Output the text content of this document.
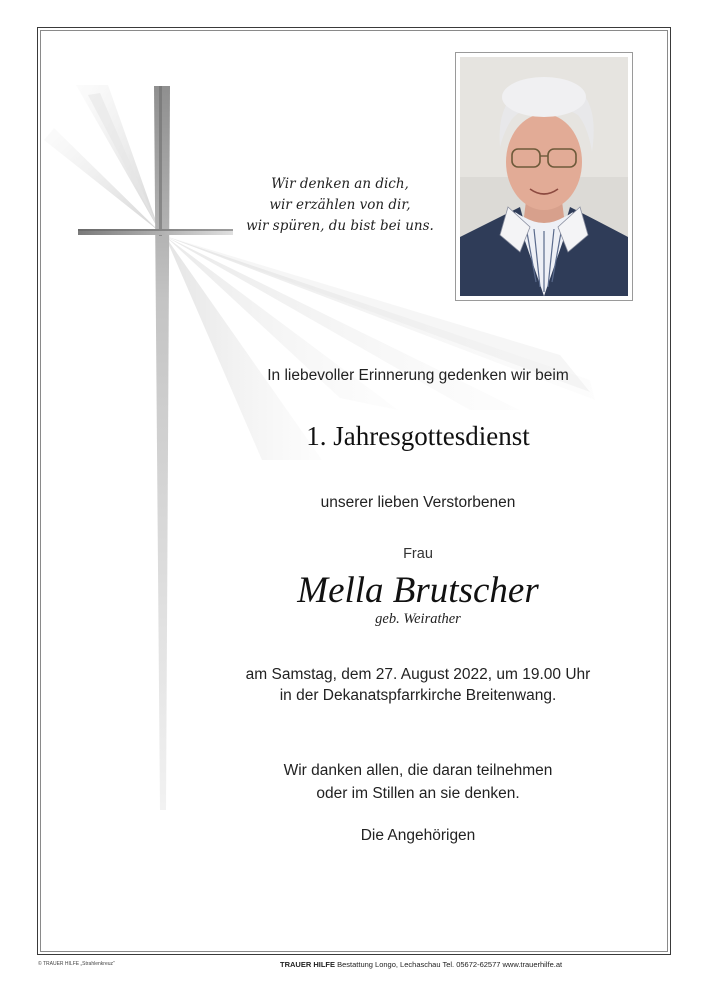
Wir denken an dich,
wir erzählen von dir,
wir spüren, du bist bei uns.
In liebevoller Erinnerung gedenken wir beim
1. Jahresgottesdienst
unserer lieben Verstorbenen
Frau
Mella Brutscher
geb. Weirather
am Samstag, dem 27. August 2022, um 19.00 Uhr
in der Dekanatspfarrkirche Breitenwang.
Wir danken allen, die daran teilnehmen
oder im Stillen an sie denken.
Die Angehörigen
© TRAUER HILFE „Strahlenkreuz“	TRAUER HILFE Bestattung Longo, Lechaschau Tel. 05672-62577 www.trauerhilfe.at
